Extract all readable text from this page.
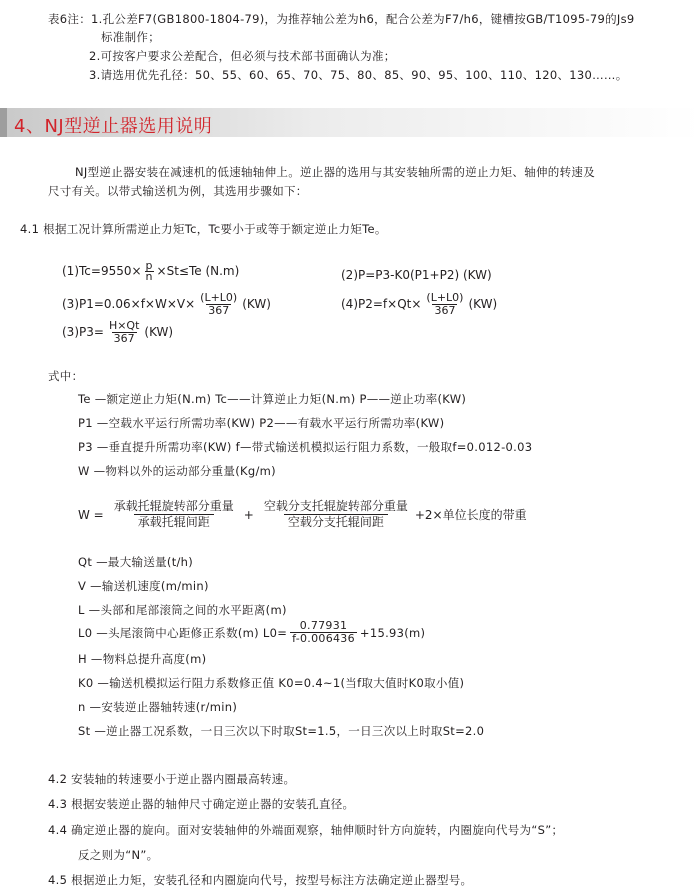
表6注：1.孔公差F7(GB1800-1804-79)，为推荐轴公差为h6，配合公差为F7/h6，键槽按GB/T1095-79的Js9
标准制作；
2.可按客户要求公差配合，但必须与技术部书面确认为准；
3.请选用优先孔径：50、55、60、65、70、75、80、85、90、95、100、110、120、130……。
4、NJ型逆止器选用说明
NJ型逆止器安装在减速机的低速轴轴伸上。逆止器的选用与其安装轴所需的逆止力矩、轴伸的转速及
尺寸有关。以带式输送机为例，其选用步骤如下：
4.1 根据工况计算所需逆止力矩Tc，Tc要小于或等于额定逆止力矩Te。
$(1)Tc=9550\times \frac{p}{n} \times St\le Te$ (N.m)	(2)P=P3-K0(P1+P2) (KW)
$(3)P1=0.06\times f\times W\times V\times \frac{(L+L0)}{367} (KW)$	$(4)P2=f\times Qt\times \frac{(L+L0)}{367} (KW)$
$(3)P3= \frac{H\times Qt}{367} (KW)$
式中：
Te —额定逆止力矩(N.m) Tc——计算逆止力矩(N.m) P——逆止功率(KW)
P1 —空载水平运行所需功率(KW) P2——有载水平运行所需功率(KW)
P3 —垂直提升所需功率(KW) f—带式输送机模拟运行阻力系数，一般取f=0.012-0.03
W —物料以外的运动部分重量(Kg/m)
$W = \frac{\text{承载托辊旋转部分重量}}{\text{承载托辊间距}} + \frac{\text{空载分支托辊旋转部分重量}}{\text{空载分支托辊间距}} +2\times$单位长度的带重
Qt —最大输送量(t/h)
V —输送机速度(m/min)
L —头部和尾部滚筒之间的水平距离(m)
L0 —头尾滚筒中心距修正系数(m) $L0= \frac{0.77931}{f-0.006436} +15.93(m)$
H —物料总提升高度(m)
K0 —输送机模拟运行阻力系数修正值 K0=0.4~1(当f取大值时K0取小值)
n —安装逆止器轴转速(r/min)
St —逆止器工况系数，一日三次以下时取St=1.5，一日三次以上时取St=2.0
4.2 安装轴的转速要小于逆止器内圈最高转速。
4.3 根据安装逆止器的轴伸尺寸确定逆止器的安装孔直径。
4.4 确定逆止器的旋向。面对安装轴伸的外端面观察，轴伸顺时针方向旋转，内圈旋向代号为“S”；
反之则为“N”。
4.5 根据逆止力矩，安装孔径和内圈旋向代号，按型号标注方法确定逆止器型号。
